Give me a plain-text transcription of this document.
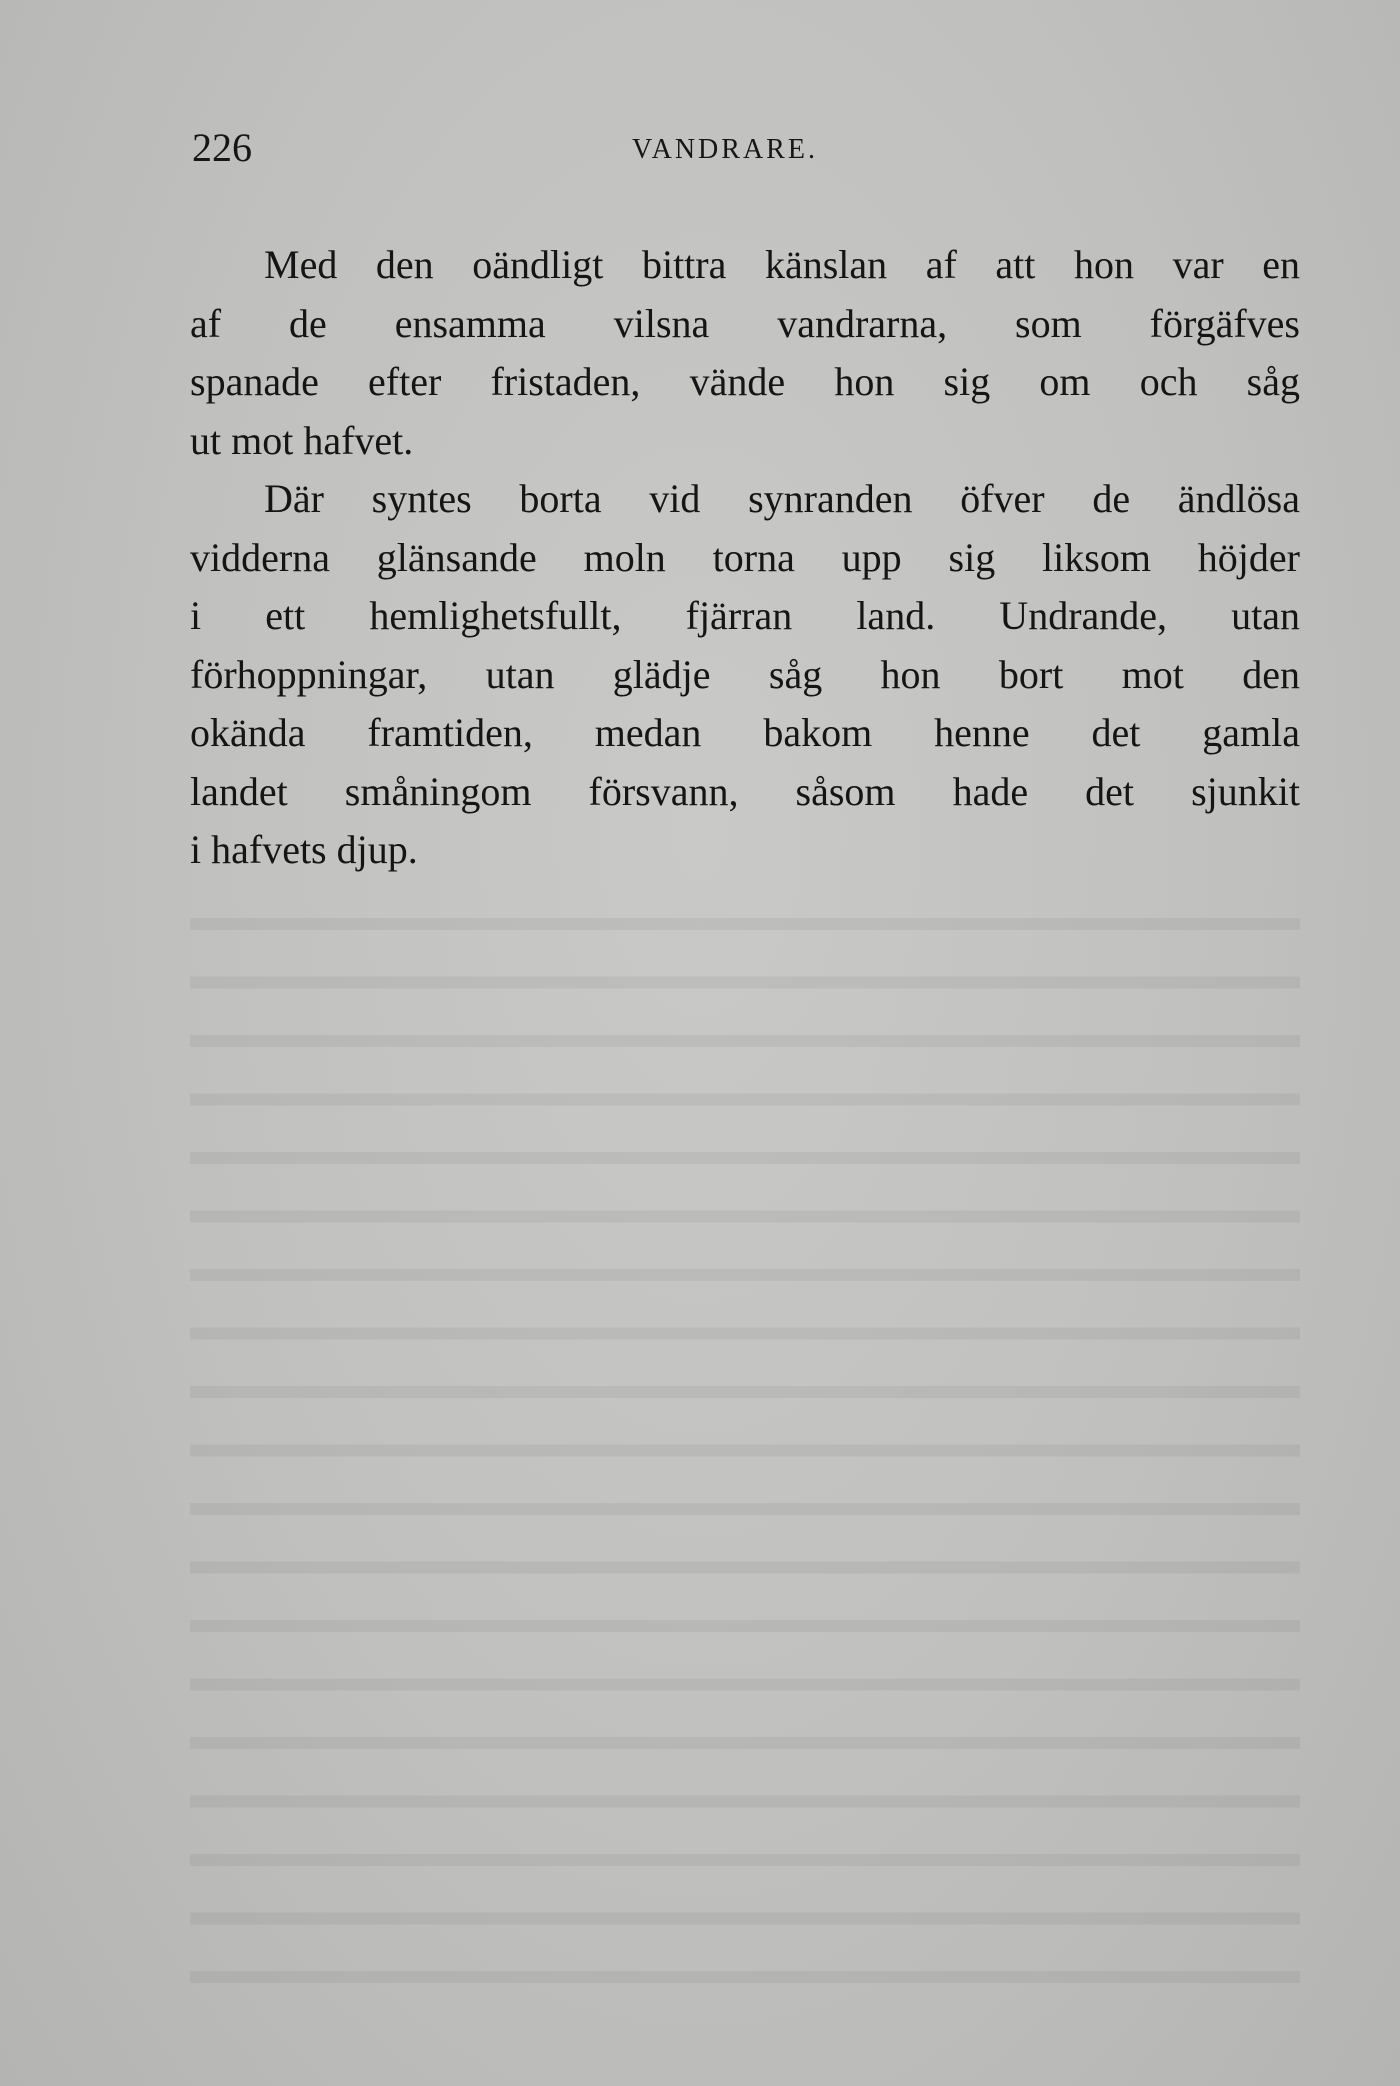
226	VANDRARE.

Med den oändligt bittra känslan af att hon var en
af de ensamma vilsna vandrarna, som förgäfves
spanade efter fristaden, vände hon sig om och såg
ut mot hafvet.

Där syntes borta vid synranden öfver de ändlösa
vidderna glänsande moln torna upp sig liksom höjder
i ett hemlighetsfullt, fjärran land. Undrande, utan
förhoppningar, utan glädje såg hon bort mot den
okända framtiden, medan bakom henne det gamla
landet småningom försvann, såsom hade det sjunkit
i hafvets djup.
